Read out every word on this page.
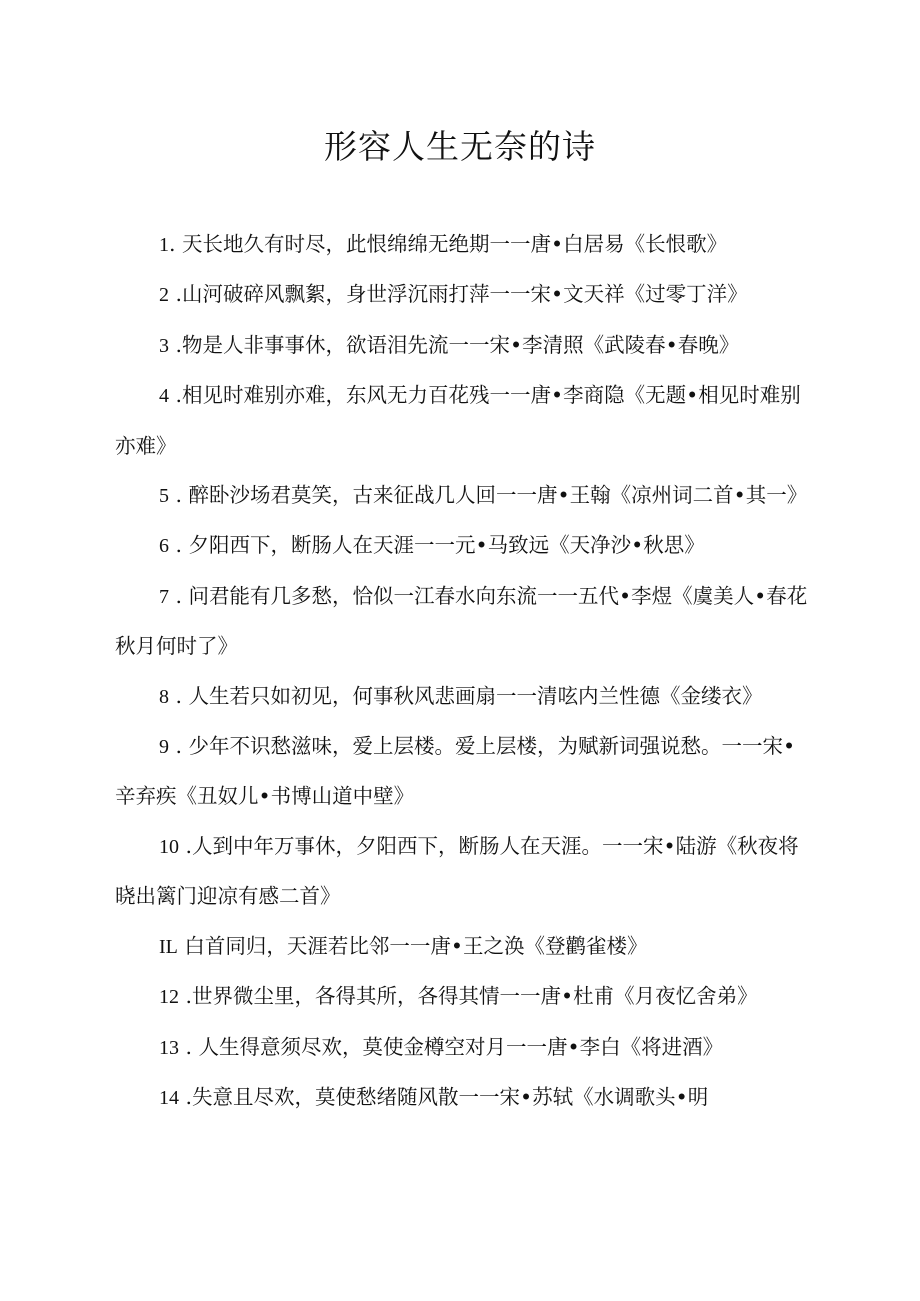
形容人生无奈的诗

1. 天长地久有时尽，此恨绵绵无绝期一一唐•白居易《长恨歌》

2 .山河破碎风飘絮，身世浮沉雨打萍一一宋•文天祥《过零丁洋》

3 .物是人非事事休，欲语泪先流一一宋•李清照《武陵春•春晚》

4 .相见时难别亦难，东风无力百花残一一唐•李商隐《无题•相见时难别亦难》

5 . 醉卧沙场君莫笑，古来征战几人回一一唐•王翰《凉州词二首•其一》

6 . 夕阳西下，断肠人在天涯一一元•马致远《天净沙•秋思》

7 . 问君能有几多愁，恰似一江春水向东流一一五代•李煜《虞美人•春花秋月何时了》

8 . 人生若只如初见，何事秋风悲画扇一一清呟内兰性德《金缕衣》

9 . 少年不识愁滋味，爱上层楼。爱上层楼，为赋新词强说愁。一一宋•辛弃疾《丑奴儿•书博山道中壁》

10 .人到中年万事休，夕阳西下，断肠人在天涯。一一宋•陆游《秋夜将晓出篱门迎凉有感二首》

IL 白首同归，天涯若比邻一一唐•王之涣《登鹳雀楼》

12 .世界微尘里，各得其所，各得其情一一唐•杜甫《月夜忆舍弟》

13 . 人生得意须尽欢，莫使金樽空对月一一唐•李白《将进酒》

14 .失意且尽欢，莫使愁绪随风散一一宋•苏轼《水调歌头•明
